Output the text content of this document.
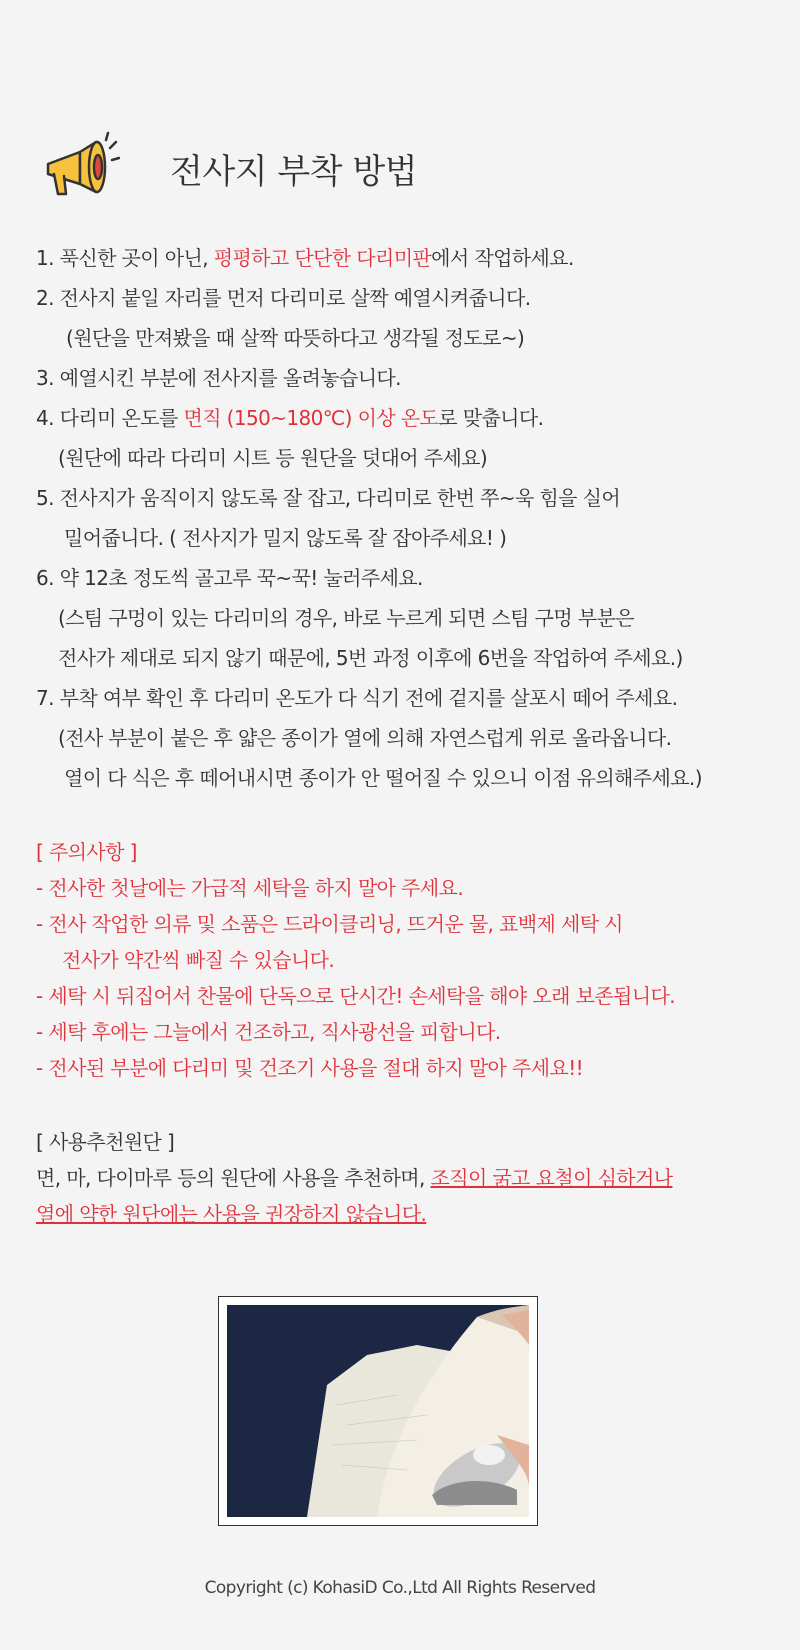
전사지 부착 방법
1. 푹신한 곳이 아닌, 평평하고 단단한 다리미판에서 작업하세요.
2. 전사지 붙일 자리를 먼저 다리미로 살짝 예열시켜줍니다.
(원단을 만져봤을 때 살짝 따뜻하다고 생각될 정도로~)
3. 예열시킨 부분에 전사지를 올려놓습니다.
4. 다리미 온도를 면직 (150~180℃) 이상 온도로 맞춥니다.
(원단에 따라 다리미 시트 등 원단을 덧대어 주세요)
5. 전사지가 움직이지 않도록 잘 잡고, 다리미로 한번 쭈~욱 힘을 실어
밀어줍니다. ( 전사지가 밀지 않도록 잘 잡아주세요! )
6. 약 12초 정도씩 골고루 꾹~꾹! 눌러주세요.
(스팀 구멍이 있는 다리미의 경우, 바로 누르게 되면 스팀 구멍 부분은
전사가 제대로 되지 않기 때문에, 5번 과정 이후에 6번을 작업하여 주세요.)
7. 부착 여부 확인 후 다리미 온도가 다 식기 전에 겉지를 살포시 떼어 주세요.
(전사 부분이 붙은 후 얇은 종이가 열에 의해 자연스럽게 위로 올라옵니다.
열이 다 식은 후 떼어내시면 종이가 안 떨어질 수 있으니 이점 유의해주세요.)
[ 주의사항 ]
- 전사한 첫날에는 가급적 세탁을 하지 말아 주세요.
- 전사 작업한 의류 및 소품은 드라이클리닝, 뜨거운 물, 표백제 세탁 시
전사가 약간씩 빠질 수 있습니다.
- 세탁 시 뒤집어서 찬물에 단독으로 단시간! 손세탁을 해야 오래 보존됩니다.
- 세탁 후에는 그늘에서 건조하고, 직사광선을 피합니다.
- 전사된 부분에 다리미 및 건조기 사용을 절대 하지 말아 주세요!!
[ 사용추천원단 ]
면, 마, 다이마루 등의 원단에 사용을 추천하며, 조직이 굵고 요철이 심하거나
열에 약한 원단에는 사용을 권장하지 않습니다.
Copyright (c) KohasiD Co.,Ltd All Rights Reserved
